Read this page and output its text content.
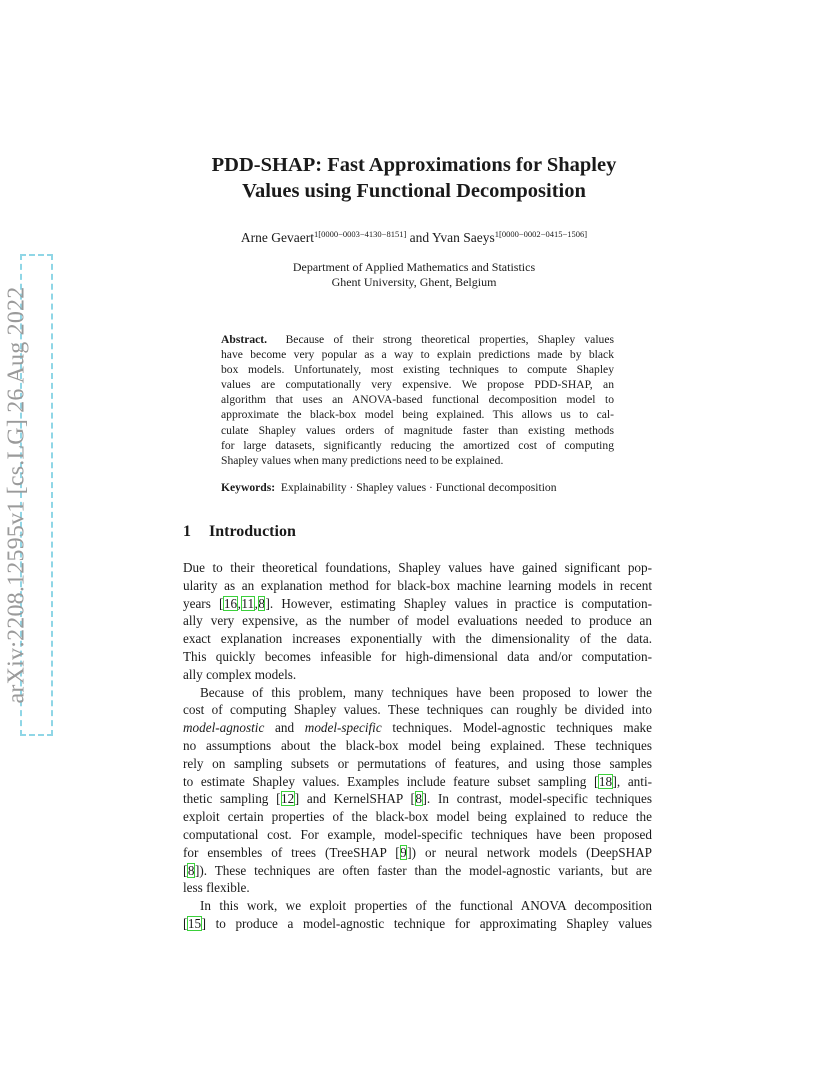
arXiv:2208.12595v1 [cs.LG] 26 Aug 2022
PDD-SHAP: Fast Approximations for Shapley
Values using Functional Decomposition
Arne Gevaert$^{1[0000-0003-4130-8151]}$ and Yvan Saeys$^{1[0000-0002-0415-1506]}$
Department of Applied Mathematics and Statistics
Ghent University, Ghent, Belgium
Abstract. Because of their strong theoretical properties, Shapley values
have become very popular as a way to explain predictions made by black
box models. Unfortunately, most existing techniques to compute Shapley
values are computationally very expensive. We propose PDD-SHAP, an
algorithm that uses an ANOVA-based functional decomposition model to
approximate the black-box model being explained. This allows us to cal-
culate Shapley values orders of magnitude faster than existing methods
for large datasets, significantly reducing the amortized cost of computing
Shapley values when many predictions need to be explained.
Keywords: Explainability · Shapley values · Functional decomposition
1 Introduction
Due to their theoretical foundations, Shapley values have gained significant pop-
ularity as an explanation method for black-box machine learning models in recent
years [16,11,8]. However, estimating Shapley values in practice is computation-
ally very expensive, as the number of model evaluations needed to produce an
exact explanation increases exponentially with the dimensionality of the data.
This quickly becomes infeasible for high-dimensional data and/or computation-
ally complex models.
Because of this problem, many techniques have been proposed to lower the
cost of computing Shapley values. These techniques can roughly be divided into
model-agnostic and model-specific techniques. Model-agnostic techniques make
no assumptions about the black-box model being explained. These techniques
rely on sampling subsets or permutations of features, and using those samples
to estimate Shapley values. Examples include feature subset sampling [18], anti-
thetic sampling [12] and KernelSHAP [8]. In contrast, model-specific techniques
exploit certain properties of the black-box model being explained to reduce the
computational cost. For example, model-specific techniques have been proposed
for ensembles of trees (TreeSHAP [9]) or neural network models (DeepSHAP
[8]). These techniques are often faster than the model-agnostic variants, but are
less flexible.
In this work, we exploit properties of the functional ANOVA decomposition
[15] to produce a model-agnostic technique for approximating Shapley values
